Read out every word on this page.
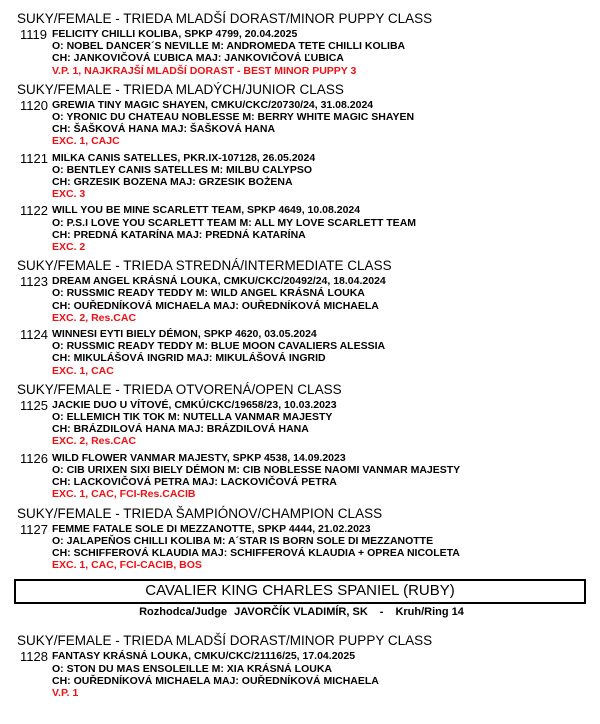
SUKY/FEMALE - TRIEDA MLADŠÍ DORAST/MINOR PUPPY CLASS
1119 FELICITY CHILLI KOLIBA, SPKP 4799, 20.04.2025
O: NOBEL DANCER´S NEVILLE M: ANDROMEDA TETE CHILLI KOLIBA
CH: JANKOVIČOVÁ ĽUBICA MAJ: JANKOVIČOVÁ ĽUBICA
V.P. 1, NAJKRAJŠÍ MLADŠÍ DORAST - BEST MINOR PUPPY 3
SUKY/FEMALE - TRIEDA MLADÝCH/JUNIOR CLASS
1120 GREWIA TINY MAGIC SHAYEN, CMKU/CKC/20730/24, 31.08.2024
O: YRONIC DU CHATEAU NOBLESSE M: BERRY WHITE MAGIC SHAYEN
CH: ŠAŠKOVÁ HANA MAJ: ŠAŠKOVÁ HANA
EXC. 1, CAJC
1121 MILKA CANIS SATELLES, PKR.IX-107128, 26.05.2024
O: BENTLEY CANIS SATELLES M: MILBU CALYPSO
CH: GRZESIK BOZENA MAJ: GRZESIK BOŻENA
EXC. 3
1122 WILL YOU BE MINE SCARLETT TEAM, SPKP 4649, 10.08.2024
O: P.S.I LOVE YOU SCARLETT TEAM M: ALL MY LOVE SCARLETT TEAM
CH: PREDNÁ KATARÍNA MAJ: PREDNÁ KATARÍNA
EXC. 2
SUKY/FEMALE - TRIEDA STREDNÁ/INTERMEDIATE CLASS
1123 DREAM ANGEL KRÁSNÁ LOUKA, CMKU/CKC/20492/24, 18.04.2024
O: RUSSMIC READY TEDDY M: WILD ANGEL KRÁSNÁ LOUKA
CH: OUŘEDNÍKOVÁ MICHAELA MAJ: OUŘEDNÍKOVÁ MICHAELA
EXC. 2, Res.CAC
1124 WINNESI EYTI BIELY DÉMON, SPKP 4620, 03.05.2024
O: RUSSMIC READY TEDDY M: BLUE MOON CAVALIERS ALESSIA
CH: MIKULÁŠOVÁ INGRID MAJ: MIKULÁŠOVÁ INGRID
EXC. 1, CAC
SUKY/FEMALE - TRIEDA OTVORENÁ/OPEN CLASS
1125 JACKIE DUO U VÍTOVÉ, CMKÚ/CKC/19658/23, 10.03.2023
O: ELLEMICH TIK TOK M: NUTELLA VANMAR MAJESTY
CH: BRÁZDILOVÁ HANA MAJ: BRÁZDILOVÁ HANA
EXC. 2, Res.CAC
1126 WILD FLOWER VANMAR MAJESTY, SPKP 4538, 14.09.2023
O: CIB URIXEN SIXI BIELY DÉMON M: CIB NOBLESSE NAOMI VANMAR MAJESTY
CH: LACKOVIČOVÁ PETRA MAJ: LACKOVIČOVÁ PETRA
EXC. 1, CAC, FCI-Res.CACIB
SUKY/FEMALE - TRIEDA ŠAMPIÓNOV/CHAMPION CLASS
1127 FEMME FATALE SOLE DI MEZZANOTTE, SPKP 4444, 21.02.2023
O: JALAPEŇOS CHILLI KOLIBA M: A´STAR IS BORN SOLE DI MEZZANOTTE
CH: SCHIFFEROVÁ KLAUDIA MAJ: SCHIFFEROVÁ KLAUDIA + OPREA NICOLETA
EXC. 1, CAC, FCI-CACIB, BOS
CAVALIER KING CHARLES SPANIEL (RUBY)
Rozhodca/Judge JAVORČÍK VLADIMÍR, SK - Kruh/Ring 14
SUKY/FEMALE - TRIEDA MLADŠÍ DORAST/MINOR PUPPY CLASS
1128 FANTASY KRÁSNÁ LOUKA, CMKU/CKC/21116/25, 17.04.2025
O: STON DU MAS ENSOLEILLE M: XIA KRÁSNÁ LOUKA
CH: OUŘEDNÍKOVÁ MICHAELA MAJ: OUŘEDNÍKOVÁ MICHAELA
V.P. 1
